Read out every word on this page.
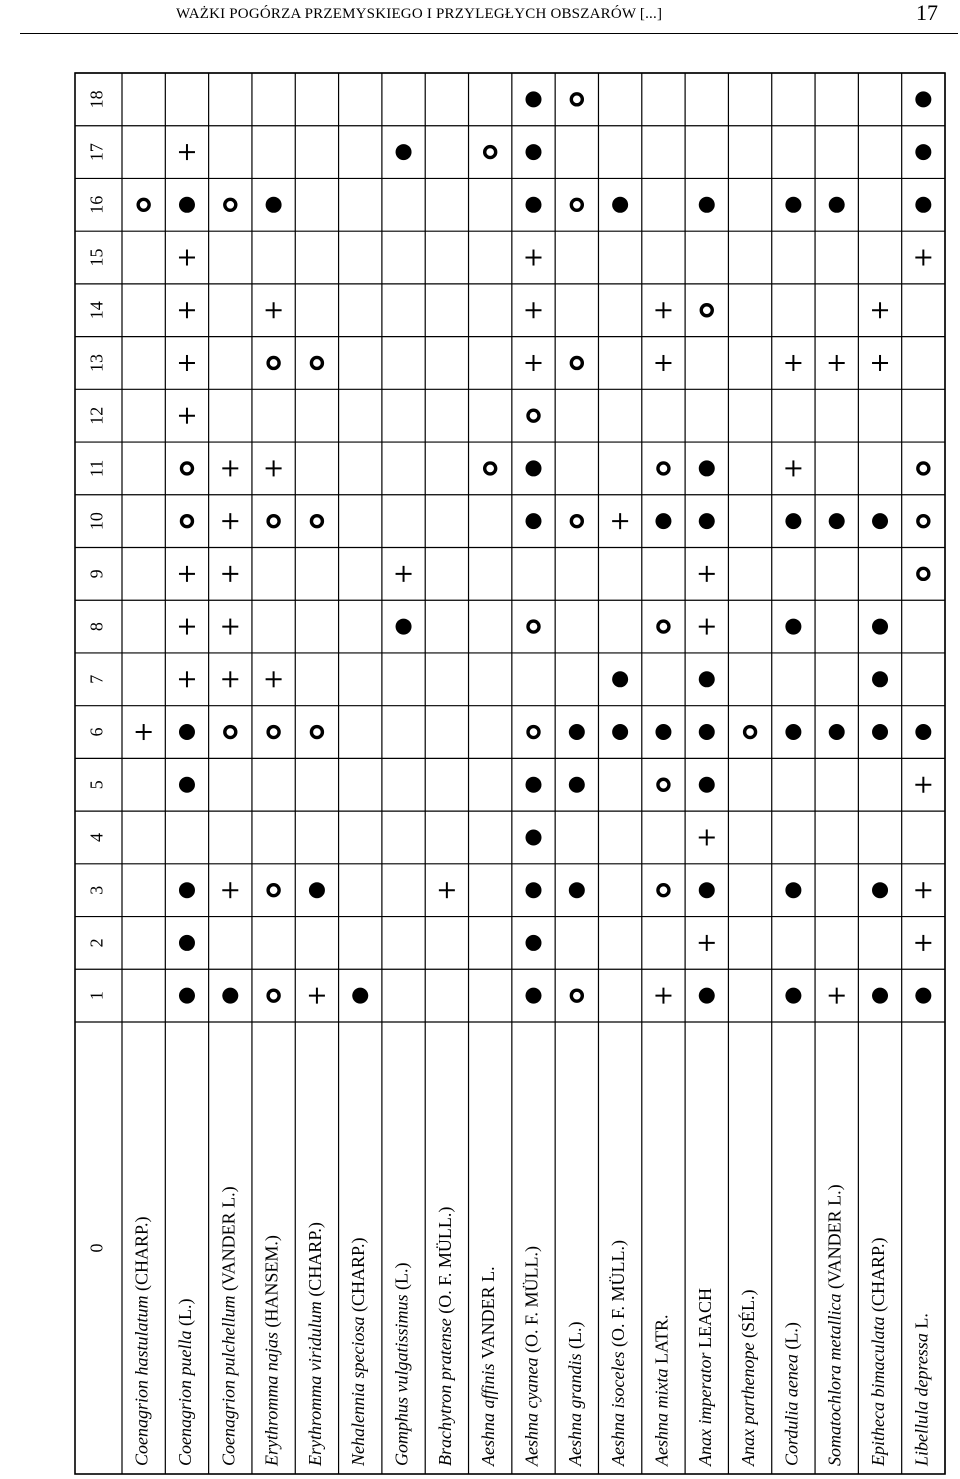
WAŻKI POGÓRZA PRZEMYSKIEGO I PRZYLEGŁYCH OBSZARÓW [...]	17
1
2
3
4
5
6
7
8
9
10
11
12
13
14
15
16
17
18
0
Coenagrion hastulatum (CHARP.)
Coenagrion puella (L.) Coenagrion pulchellum (VANDER L.)
Erythromma najas (HANSEM.)
Erythromma viridulum (CHARP.)
Nehalennia speciosa (CHARP.)
Gomphus vulgatissimus (L.)
Brachytron pratense (O. F. MÜLL.)
Aeshna affinis VANDER L.
Aeshna cyanea (O. F. MÜLL.)
Aeshna grandis (L.)
Aeshna isoceles (O. F. MÜLL.)
Aeshna mixta LATR.
Anax imperator LEACH
Anax parthenope (SÉL.)
Cordulia aenea (L.) Somatochlora metallica (VANDER L.)
Epitheca bimaculata (CHARP.)
Libellula depressa L.
